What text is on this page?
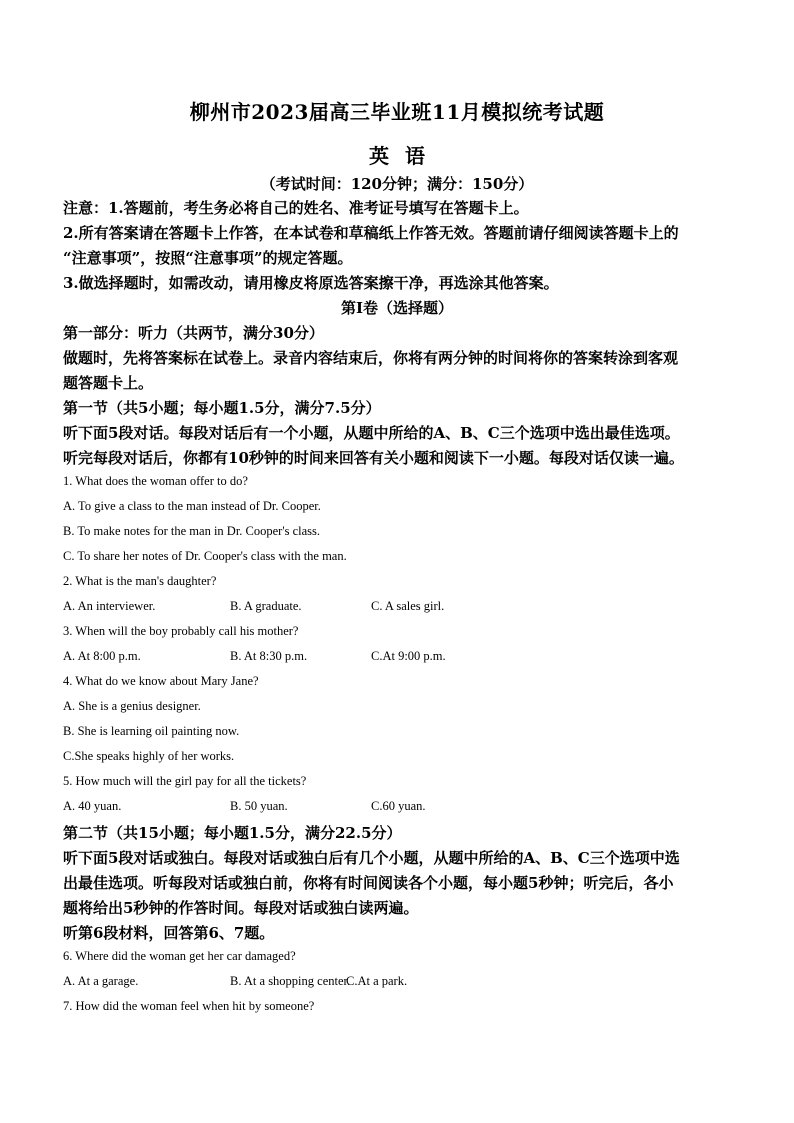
柳州市2023届高三毕业班11月模拟统考试题
英语
（考试时间：120分钟；满分：150分）
注意：1.答题前，考生务必将自己的姓名、准考证号填写在答题卡上。
2.所有答案请在答题卡上作答，在本试卷和草稿纸上作答无效。答题前请仔细阅读答题卡上的
“注意事项”，按照“注意事项”的规定答题。
3.做选择题时，如需改动，请用橡皮将原选答案擦干净，再选涂其他答案。
第I卷（选择题）
第一部分：听力（共两节，满分30分）
做题时，先将答案标在试卷上。录音内容结束后，你将有两分钟的时间将你的答案转涂到客观
题答题卡上。
第一节（共5小题；每小题1.5分，满分7.5分）
听下面5段对话。每段对话后有一个小题，从题中所给的A、B、C三个选项中选出最佳选项。
听完每段对话后，你都有10秒钟的时间来回答有关小题和阅读下一小题。每段对话仅读一遍。
1. What does the woman offer to do?
A. To give a class to the man instead of Dr. Cooper.
B. To make notes for the man in Dr. Cooper's class.
C. To share her notes of Dr. Cooper's class with the man.
2. What is the man's daughter?
A. An interviewer.	B. A graduate.	C. A sales girl.
3. When will the boy probably call his mother?
A. At 8:00 p.m.	B. At 8:30 p.m.	C.At 9:00 p.m.
4. What do we know about Mary Jane?
A. She is a genius designer.
B. She is learning oil painting now.
C.She speaks highly of her works.
5. How much will the girl pay for all the tickets?
A. 40 yuan.	B. 50 yuan.	C.60 yuan.
第二节（共15小题；每小题1.5分，满分22.5分）
听下面5段对话或独白。每段对话或独白后有几个小题，从题中所给的A、B、C三个选项中选
出最佳选项。听每段对话或独白前，你将有时间阅读各个小题，每小题5秒钟；听完后，各小
题将给出5秒钟的作答时间。每段对话或独白读两遍。
听第6段材料，回答第6、7题。
6. Where did the woman get her car damaged?
A. At a garage.	B. At a shopping center.
C.At a park.
7. How did the woman feel when hit by someone?
